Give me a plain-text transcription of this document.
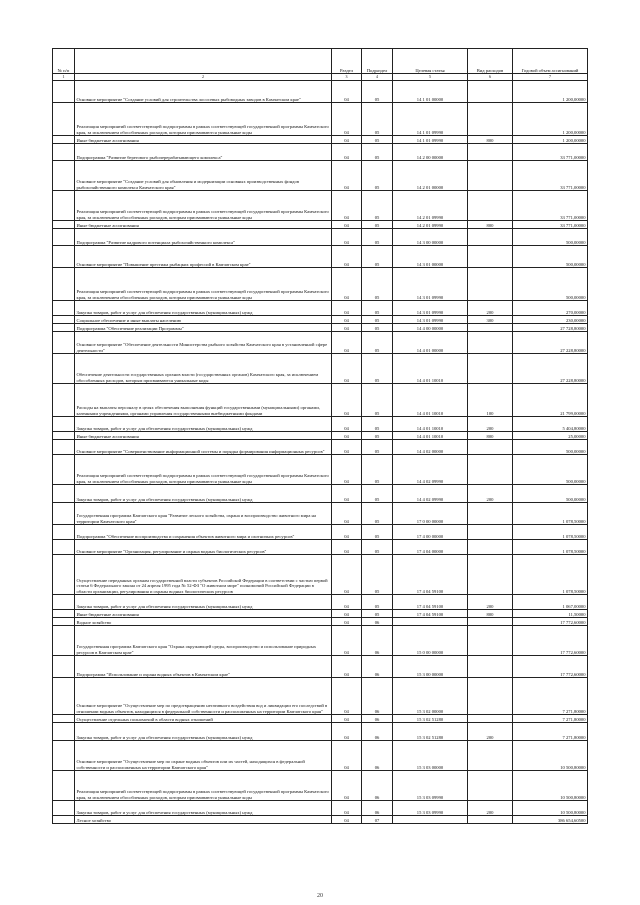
№ п/п		Раздел	Подраздел	Целевая статья	Вид расходов	Годовой объем ассигнований
1	2	3	4	5	6	7
	Основное мероприятие "Создание условий для строительства лососевых рыбоводных заводов в Камчатском крае"	04	05	14 1 01 00000		1 200,00000
	Реализация мероприятий соответствующей подпрограммы в рамках соответствующей государственной программы Камчатского края, за исключением обособленных расходов, которым присваиваются уникальные коды	04	05	14 1 01 09990		1 200,00000
	Иные бюджетные ассигнования	04	05	14 1 01 09990	800	1 200,00000
	Подпрограмма "Развитие берегового рыбоперерабатывающего комплекса"	04	05	14 2 00 00000		33 771,00000
	Основное мероприятие "Создание условий для обновления и модернизации основных производственных фондов рыбохозяйственного комплекса Камчатского края"	04	05	14 2 01 00000		33 771,00000
	Реализация мероприятий соответствующей подпрограммы в рамках соответствующей государственной программы Камчатского края, за исключением обособленных расходов, которым присваиваются уникальные коды	04	05	14 2 01 09990		33 771,00000
	Иные бюджетные ассигнования	04	05	14 2 01 09990	800	33 771,00000
	Подпрограмма "Развитие кадрового потенциала рыбохозяйственного комплекса"	04	05	14 3 00 00000		500,00000
	Основное мероприятие "Повышение престижа рыбацких профессий в Камчатском крае"	04	05	14 3 01 00000		500,00000
	Реализация мероприятий соответствующей подпрограммы в рамках соответствующей государственной программы Камчатского края, за исключением обособленных расходов, которым присваиваются уникальные коды	04	05	14 3 01 09990		500,00000
	Закупка товаров, работ и услуг для обеспечения государственных (муниципальных) нужд	04	05	14 3 01 09990	200	270,00000
	Социальное обеспечение и иные выплаты населению	04	05	14 3 01 09990	300	230,00000
	Подпрограмма "Обеспечение реализации Программы"	04	05	14 4 00 00000		27 728,80000
	Основное мероприятие "Обеспечение деятельности Министерства рыбного хозяйства Камчатского края в установленной сфере деятельности"	04	05	14 4 01 00000		27 228,80000
	Обеспечение деятельности государственных органов власти (государственных органов) Камчатского края, за исключением обособленных расходов, которым присваиваются уникальные коды	04	05	14 4 01 10010		27 228,80000
	Расходы на выплаты персоналу в целях обеспечения выполнения функций государственными (муниципальными) органами, казенными учреждениями, органами управления государственными внебюджетными фондами	04	05	14 4 01 10010	100	21 799,00000
	Закупка товаров, работ и услуг для обеспечения государственных (муниципальных) нужд	04	05	14 4 01 10010	200	5 404,80000
	Иные бюджетные ассигнования	04	05	14 4 01 10010	800	25,00000
	Основное мероприятие "Совершенствование информационной системы и порядка формирования информационных ресурсов"	04	05	14 4 02 00000		500,00000
	Реализация мероприятий соответствующей подпрограммы в рамках соответствующей государственной программы Камчатского края, за исключением обособленных расходов, которым присваиваются уникальные коды	04	05	14 4 02 09990		500,00000
	Закупка товаров, работ и услуг для обеспечения государственных (муниципальных) нужд	04	05	14 4 02 09990	200	500,00000
	Государственная программа Камчатского края "Развитие лесного хозяйства, охрана и воспроизводство животного мира на территории Камчатского края"	04	05	17 0 00 00000		1 078,50000
	Подпрограмма "Обеспечение воспроизводства и сохранения объектов животного мира и охотничьих ресурсов"	04	05	17 4 00 00000		1 078,50000
	Основное мероприятие "Организация, регулирование и охрана водных биологических ресурсов"	04	05	17 4 04 00000		1 078,50000
	Осуществление переданных органам государственной власти субъектов Российской Федерации в соответствии с частью первой статьи 6 Федерального закона от 24 апреля 1995 года № 52-ФЗ "О животном мире" полномочий Российской Федерации в области организации, регулирования и охраны водных биологических ресурсов	04	05	17 4 04 59100		1 078,50000
	Закупка товаров, работ и услуг для обеспечения государственных (муниципальных) нужд	04	05	17 4 04 59100	200	1 067,00000
	Иные бюджетные ассигнования	04	05	17 4 04 59100	800	11,50000
	Водное хозяйство	04	06			17 772,60000
	Государственная программа Камчатского края "Охрана окружающей среды, воспроизводство и использование природных ресурсов в Камчатском крае"	04	06	15 0 00 00000		17 772,60000
	Подпрограмма "Использование и охрана водных объектов в Камчатском крае"	04	06	15 3 00 00000		17 772,60000
	Основное мероприятие "Осуществление мер по предотвращению негативного воздействия вод и ликвидации его последствий в отношении водных объектов, находящихся в федеральной собственности и расположенных на территории Камчатского края"	04	06	15 3 02 00000		7 271,80000
	Осуществление отдельных полномочий в области водных отношений	04	06	15 3 02 51280		7 271,80000
	Закупка товаров, работ и услуг для обеспечения государственных (муниципальных) нужд	04	06	15 3 02 51280	200	7 271,80000
	Основное мероприятие "Осуществление мер по охране водных объектов или их частей, находящихся в федеральной собственности и расположенных на территории Камчатского края"	04	06	15 3 03 00000		10 500,80000
	Реализация мероприятий соответствующей подпрограммы в рамках соответствующей государственной программы Камчатского края, за исключением обособленных расходов, которым присваиваются уникальные коды	04	06	15 3 03 09990		10 500,80000
	Закупка товаров, работ и услуг для обеспечения государственных (муниципальных) нужд	04	06	15 3 03 09990	200	10 500,80000
	Лесное хозяйство	04	07			386 654,60500
20
